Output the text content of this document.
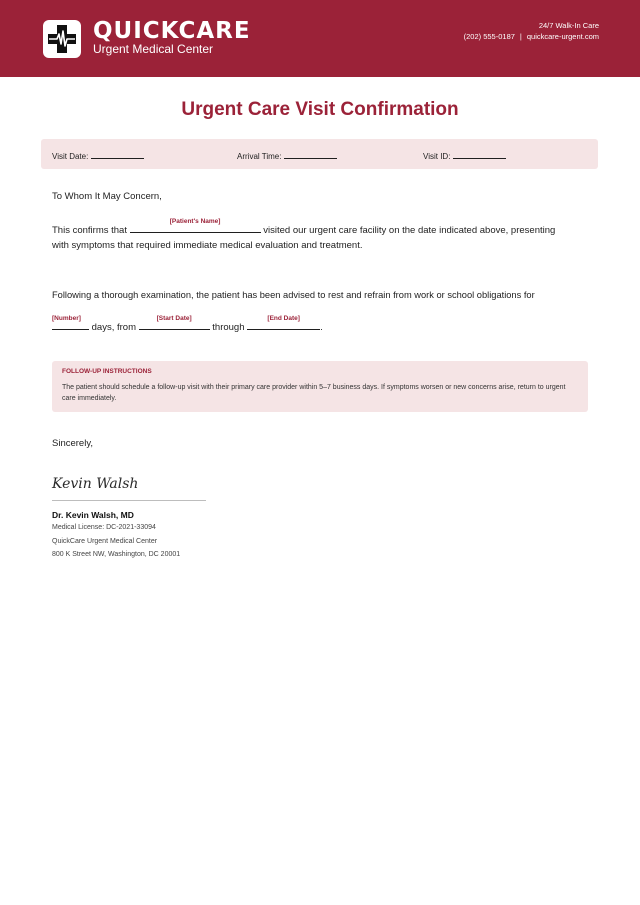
QUICKCARE
Urgent Medical Center
24/7 Walk-In Care
(202) 555-0187 | quickcare-urgent.com
Urgent Care Visit Confirmation
Visit Date:	Arrival Time:	Visit ID:
To Whom It May Concern,
This confirms that
[Patient's Name]
visited our urgent care facility on the date indicated above, presenting
with symptoms that required immediate medical evaluation and treatment.
Following a thorough examination, the patient has been advised to rest and refrain from work or school obligations for
[Number]
days, from
[Start Date]
through
[End Date]
.
FOLLOW-UP INSTRUCTIONS
The patient should schedule a follow-up visit with their primary care provider within 5–7 business days. If symptoms worsen or new concerns arise, return to urgent care immediately.
Sincerely,
Kevin Walsh
Dr. Kevin Walsh, MD
Medical License: DC-2021-33094
QuickCare Urgent Medical Center
800 K Street NW, Washington, DC 20001
